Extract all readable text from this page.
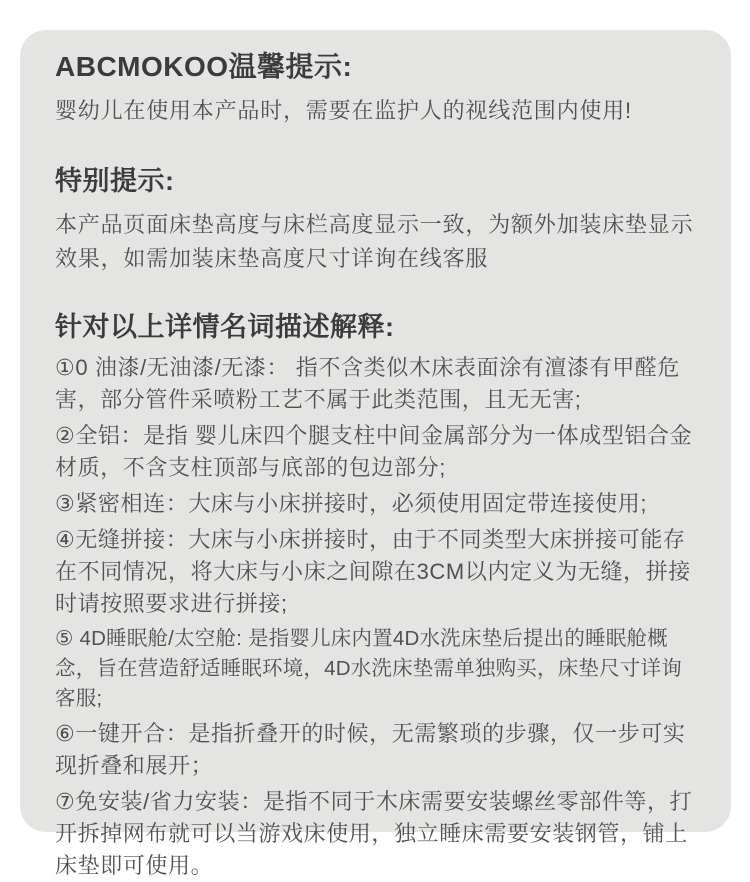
ABCMOKOO温馨提示:

婴幼儿在使用本产品时，需要在监护人的视线范围内使用!

特别提示:

本产品页面床垫高度与床栏高度显示一致，为额外加装床垫显示效果，如需加装床垫高度尺寸详询在线客服

针对以上详情名词描述解释:

①0 油漆/无油漆/无漆： 指不含类似木床表面涂有澶漆有甲醛危害，部分管件采喷粉工艺不属于此类范围，且无无害;

②全铝：是指 婴儿床四个腿支柱中间金属部分为一体成型铝合金材质，不含支柱顶部与底部的包边部分;

③紧密相连：大床与小床拼接时，必须使用固定带连接使用;

④无缝拼接：大床与小床拼接时，由于不同类型大床拼接可能存在不同情况，将大床与小床之间隙在3CM以内定义为无缝，拼接时请按照要求进行拼接;

⑤ 4D睡眠舱/太空舱: 是指婴儿床内置4D水洗床垫后提出的睡眠舱概念，旨在营造舒适睡眠环境，4D水洗床垫需单独购买，床垫尺寸详询客服;

⑥一键开合：是指折叠开的时候，无需繁琐的步骤，仅一步可实现折叠和展开；

⑦免安装/省力安装：是指不同于木床需要安装螺丝零部件等，打开拆掉网布就可以当游戏床使用，独立睡床需要安装钢管，铺上床垫即可使用。
